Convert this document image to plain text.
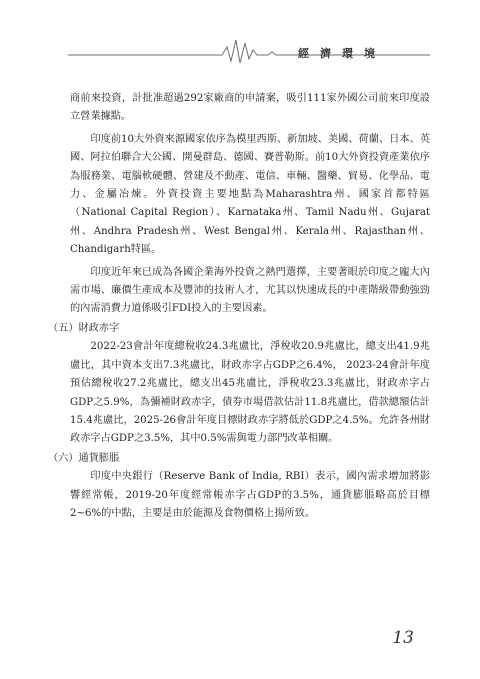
經濟環境

商前來投資，計批准超過292家廠商的申請案，吸引111家外國公司前來印度設立營業據點。

印度前10大外資來源國家依序為模里西斯、新加坡、美國、荷蘭、日本、英國、阿拉伯聯合大公國、開曼群島、德國、賽普勒斯。前10大外資投資產業依序為服務業、電腦軟硬體、營建及不動產、電信、車輛、醫藥、貿易、化學品、電力、金屬冶煉。外資投資主要地點為Maharashtra州、國家首都特區（National Capital Region）、Karnataka州、Tamil Nadu州、Gujarat州、Andhra Pradesh州、West Bengal州、Kerala州、Rajasthan州、Chandigarh特區。

印度近年來已成為各國企業海外投資之熱門選擇，主要著眼於印度之龐大內需市場、廉價生產成本及豐沛的技術人才，尤其以快速成長的中產階級帶動強勁的內需消費力道係吸引FDI投入的主要因素。

（五）財政赤字

2022-23會計年度總稅收24.3兆盧比，淨稅收20.9兆盧比，總支出41.9兆盧比，其中資本支出7.3兆盧比，財政赤字占GDP之6.4%， 2023-24會計年度預估總稅收27.2兆盧比，總支出45兆盧比，淨稅收23.3兆盧比，財政赤字占GDP之5.9%，為彌補財政赤字，債券市場借款估計11.8兆盧比，借款總額估計15.4兆盧比，2025-26會計年度目標財政赤字將低於GDP之4.5%。允許各州財政赤字占GDP之3.5%，其中0.5%需與電力部門改革相關。

（六）通貨膨脹

印度中央銀行（Reserve Bank of India, RBI）表示，國內需求增加將影響經常帳，2019-20年度經常帳赤字占GDP的3.5%，通貨膨脹略高於目標2~6%的中點，主要是由於能源及食物價格上揚所致。

13
